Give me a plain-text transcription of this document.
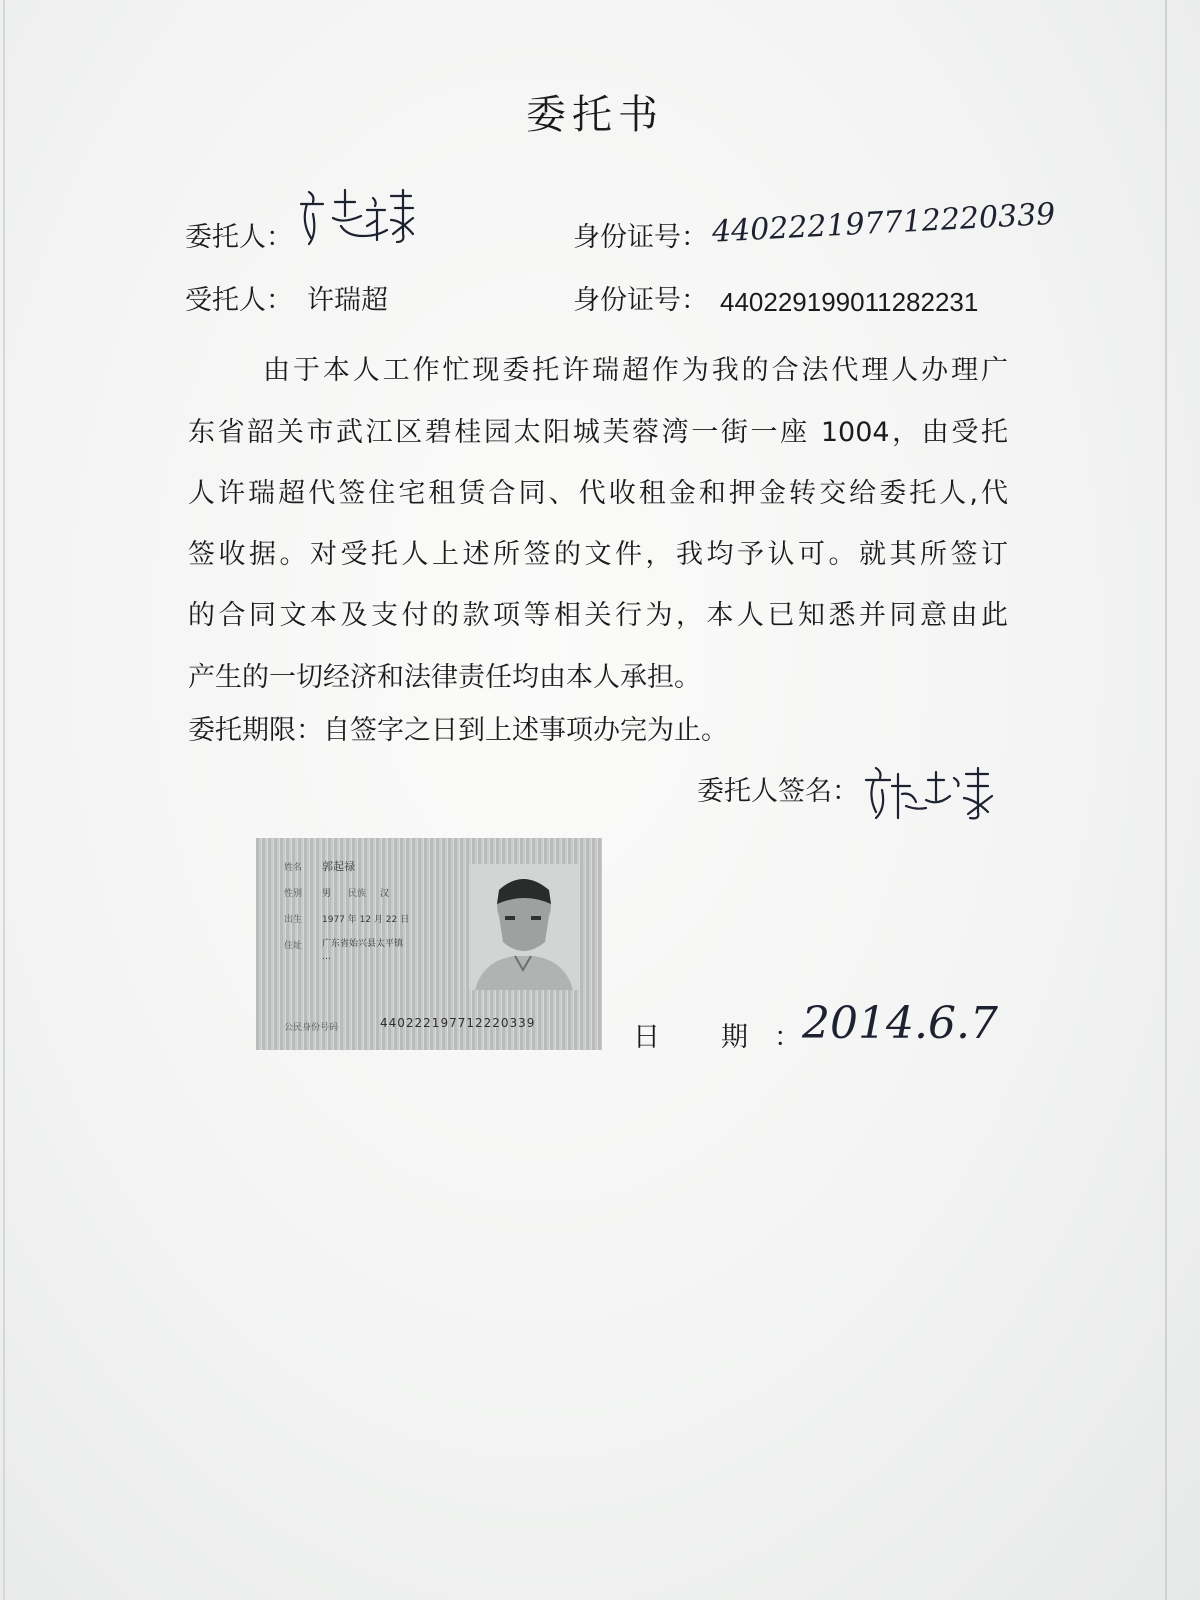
委托书
委托人：	身份证号： 440222197712220339
受托人： 许瑞超	身份证号： 440229199011282231
由于本人工作忙现委托许瑞超作为我的合法代理人办理广
东省韶关市武江区碧桂园太阳城芙蓉湾一街一座 1004，由受托
人许瑞超代签住宅租赁合同、代收租金和押金转交给委托人,代
签收据。对受托人上述所签的文件，我均予认可。就其所签订
的合同文本及支付的款项等相关行为，本人已知悉并同意由此
产生的一切经济和法律责任均由本人承担。
委托期限：自签字之日到上述事项办完为止。
委托人签名：
姓名 郭起禄
性别 男 民族 汉
出生 1977 年 12 月 22 日
住址 广东省始兴县太平镇
…
公民身份号码	440222197712220339	日 期 ： 2014.6.7
